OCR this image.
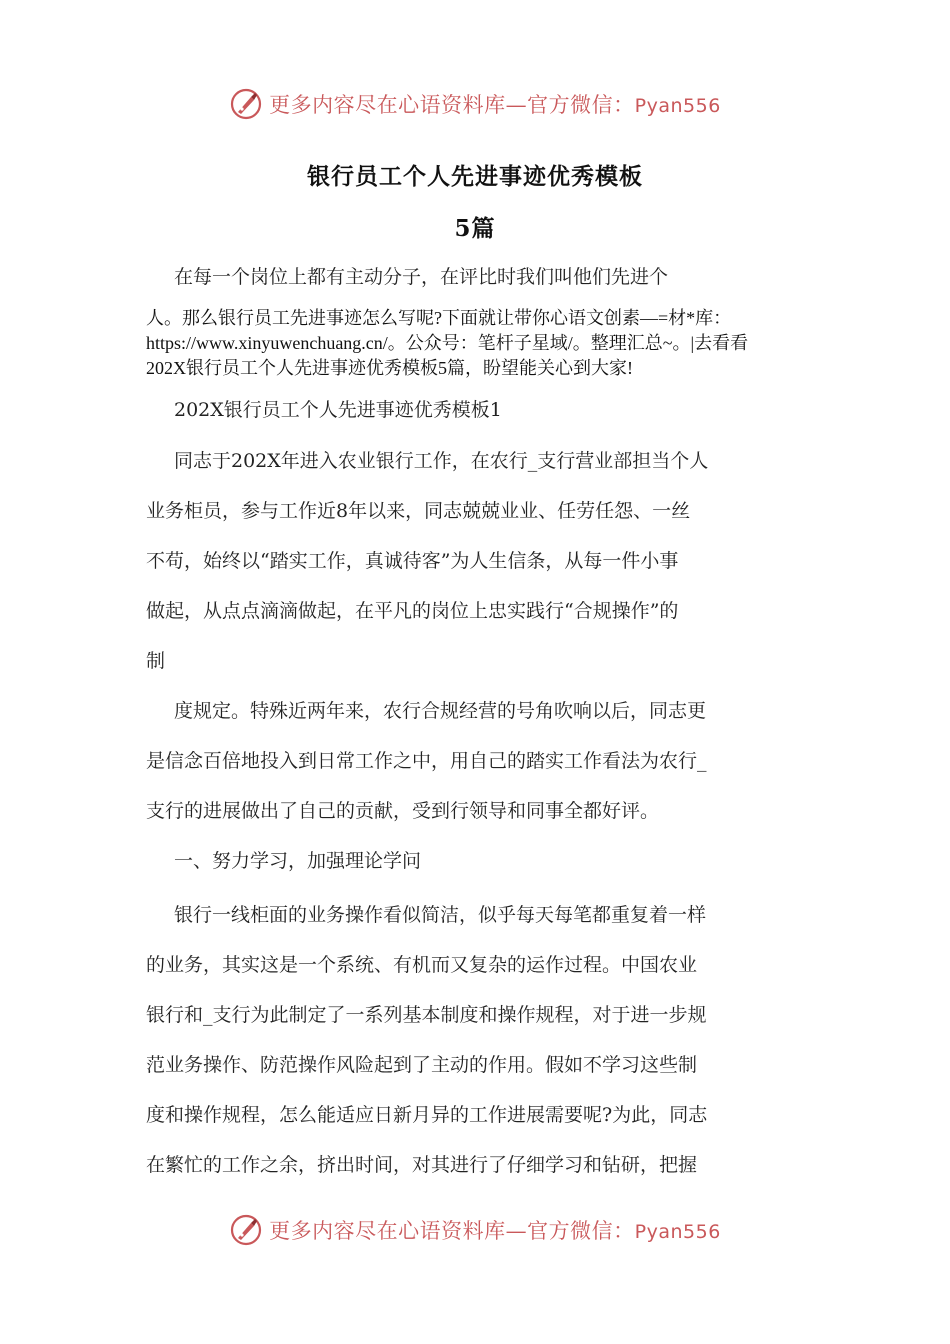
更多内容尽在心语资料库—官方微信：Pyan556
银行员工个人先进事迹优秀模板
5篇
在每一个岗位上都有主动分子，在评比时我们叫他们先进个
人。那么银行员工先进事迹怎么写呢?下面就让带你心语文创素—=材*库：
https://www.xinyuwenchuang.cn/。公众号：笔杆子星域/。整理汇总~。|去看看
202X银行员工个人先进事迹优秀模板5篇，盼望能关心到大家!
202X银行员工个人先进事迹优秀模板1
同志于202X年进入农业银行工作，在农行_支行营业部担当个人
业务柜员，参与工作近8年以来，同志兢兢业业、任劳任怨、一丝
不苟，始终以“踏实工作，真诚待客”为人生信条，从每一件小事
做起，从点点滴滴做起，在平凡的岗位上忠实践行“合规操作”的
制
度规定。特殊近两年来，农行合规经营的号角吹响以后，同志更
是信念百倍地投入到日常工作之中，用自己的踏实工作看法为农行_
支行的进展做出了自己的贡献，受到行领导和同事全都好评。
一、努力学习，加强理论学问
银行一线柜面的业务操作看似简洁，似乎每天每笔都重复着一样
的业务，其实这是一个系统、有机而又复杂的运作过程。中国农业
银行和_支行为此制定了一系列基本制度和操作规程，对于进一步规
范业务操作、防范操作风险起到了主动的作用。假如不学习这些制
度和操作规程，怎么能适应日新月异的工作进展需要呢?为此，同志
在繁忙的工作之余，挤出时间，对其进行了仔细学习和钻研，把握
更多内容尽在心语资料库—官方微信：Pyan556
